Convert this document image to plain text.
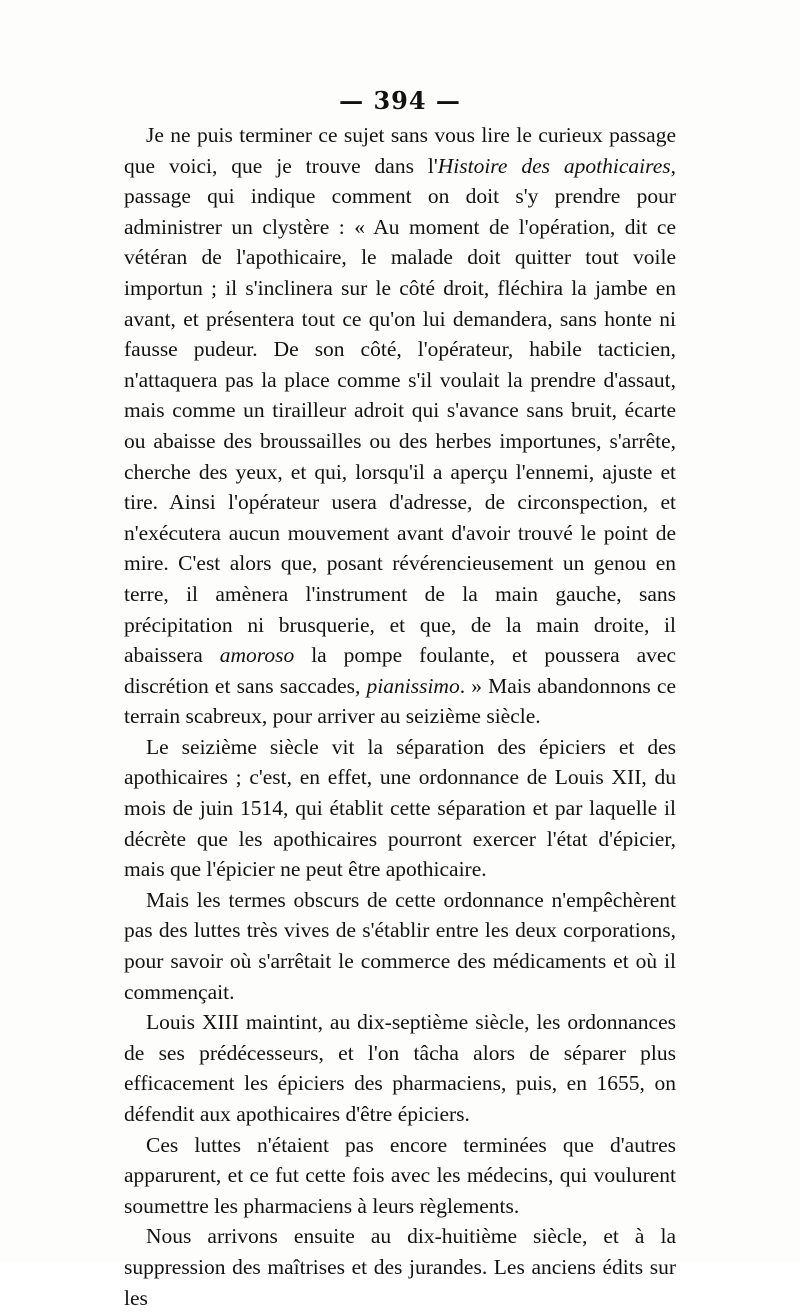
— 394 —

Je ne puis terminer ce sujet sans vous lire le curieux passage que voici, que je trouve dans l'Histoire des apothicaires, passage qui indique comment on doit s'y prendre pour administrer un clystère : « Au moment de l'opération, dit ce vétéran de l'apothicaire, le malade doit quitter tout voile importun ; il s'inclinera sur le côté droit, fléchira la jambe en avant, et présentera tout ce qu'on lui demandera, sans honte ni fausse pudeur. De son côté, l'opérateur, habile tacticien, n'attaquera pas la place comme s'il voulait la prendre d'assaut, mais comme un tirailleur adroit qui s'avance sans bruit, écarte ou abaisse des broussailles ou des herbes importunes, s'arrête, cherche des yeux, et qui, lorsqu'il a aperçu l'ennemi, ajuste et tire. Ainsi l'opérateur usera d'adresse, de circonspection, et n'exécutera aucun mouvement avant d'avoir trouvé le point de mire. C'est alors que, posant révérencieusement un genou en terre, il amènera l'instrument de la main gauche, sans précipitation ni brusquerie, et que, de la main droite, il abaissera amoroso la pompe foulante, et poussera avec discrétion et sans saccades, pianissimo. » Mais abandonnons ce terrain scabreux, pour arriver au seizième siècle.

Le seizième siècle vit la séparation des épiciers et des apothicaires ; c'est, en effet, une ordonnance de Louis XII, du mois de juin 1514, qui établit cette séparation et par laquelle il décrète que les apothicaires pourront exercer l'état d'épicier, mais que l'épicier ne peut être apothicaire.

Mais les termes obscurs de cette ordonnance n'empêchèrent pas des luttes très vives de s'établir entre les deux corporations, pour savoir où s'arrêtait le commerce des médicaments et où il commençait.

Louis XIII maintint, au dix-septième siècle, les ordonnances de ses prédécesseurs, et l'on tâcha alors de séparer plus efficacement les épiciers des pharmaciens, puis, en 1655, on défendit aux apothicaires d'être épiciers.

Ces luttes n'étaient pas encore terminées que d'autres apparurent, et ce fut cette fois avec les médecins, qui voulurent soumettre les pharmaciens à leurs règlements.

Nous arrivons ensuite au dix-huitième siècle, et à la suppression des maîtrises et des jurandes. Les anciens édits sur les
